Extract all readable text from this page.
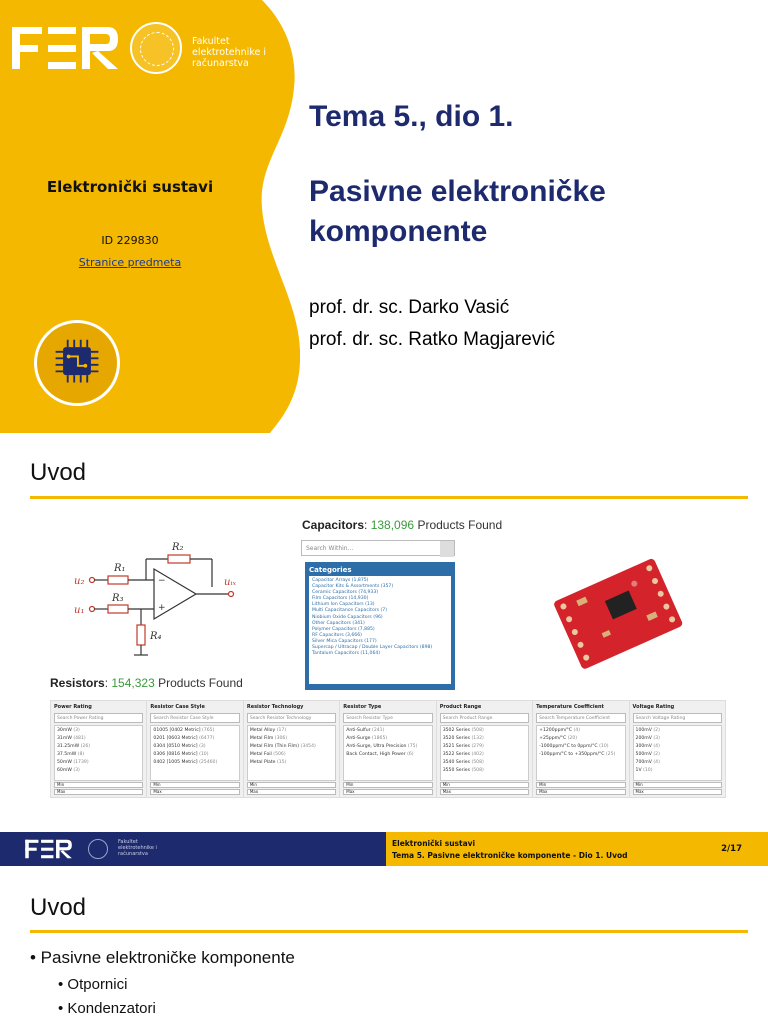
Fakultet
elektrotehnike i
računarstva
Elektronički sustavi
ID 229830
Stranice predmeta
Tema 5., dio 1.
Pasivne elektroničke komponente
prof. dr. sc. Darko Vasić
prof. dr. sc. Ratko Magjarević
Uvod
−
+
u₂
u₁
R₁
R₂
R₃
R₄
uᵢₓ
Capacitors: 138,096 Products Found
Search Within...
Categories
Capacitor Arrays (1,875)
Capacitor Kits & Assortments (357)
Ceramic Capacitors (74,933)
Film Capacitors (14,930)
Lithium Ion Capacitors (13)
Multi Capacitance Capacitors (7)
Niobium Oxide Capacitors (96)
Other Capacitors (341)
Polymer Capacitors (7,885)
RF Capacitors (3,666)
Silver Mica Capacitors (177)
Supercap / Ultracap / Double Layer Capacitors (898)
Tantalum Capacitors (11,064)
Resistors: 154,323 Products Found
Power Rating
Search Power Rating
30mW (3)
31mW (481)
31.25mW (26)
37.5mW (8)
50mW (1739)
60mW (3)
Min
Max
Resistor Case Style
Search Resistor Case Style
01005 [0402 Metric] (765)
0201 [0603 Metric] (6477)
0304 [0510 Metric] (3)
0306 [0816 Metric] (10)
0402 [1005 Metric] (25460)
Min
Max
Resistor Technology
Search Resistor Technology
Metal Alloy (17)
Metal Film (306)
Metal Film (Thin Film) (3454)
Metal Foil (506)
Metal Plate (15)
Min
Max
Resistor Type
Search Resistor Type
Anti-Sulfur (241)
Anti-Surge (1865)
Anti-Surge, Ultra Precision (75)
Back Contact, High Power (6)
Min
Max
Product Range
Search Product Range
3502 Series (508)
3520 Series (132)
3521 Series (279)
3522 Series (402)
3540 Series (508)
3550 Series (508)
Min
Max
Temperature Coefficient
Search Temperature Coefficient
+1200ppm/°C (4)
+25ppm/°C (20)
-1000ppm/°C to 0ppm/°C (10)
-100ppm/°C to +350ppm/°C (25)
Min
Max
Voltage Rating
Search Voltage Rating
100mV (2)
200mV (3)
300mV (4)
500mV (2)
700mV (4)
1V (10)
Min
Max
Fakultet
elektrotehnike i
računarstva
Elektronički sustavi
Tema 5. Pasivne elektroničke komponente - Dio 1. Uvod
2/17
Uvod
• Pasivne elektroničke komponente
• Otpornici
• Kondenzatori
